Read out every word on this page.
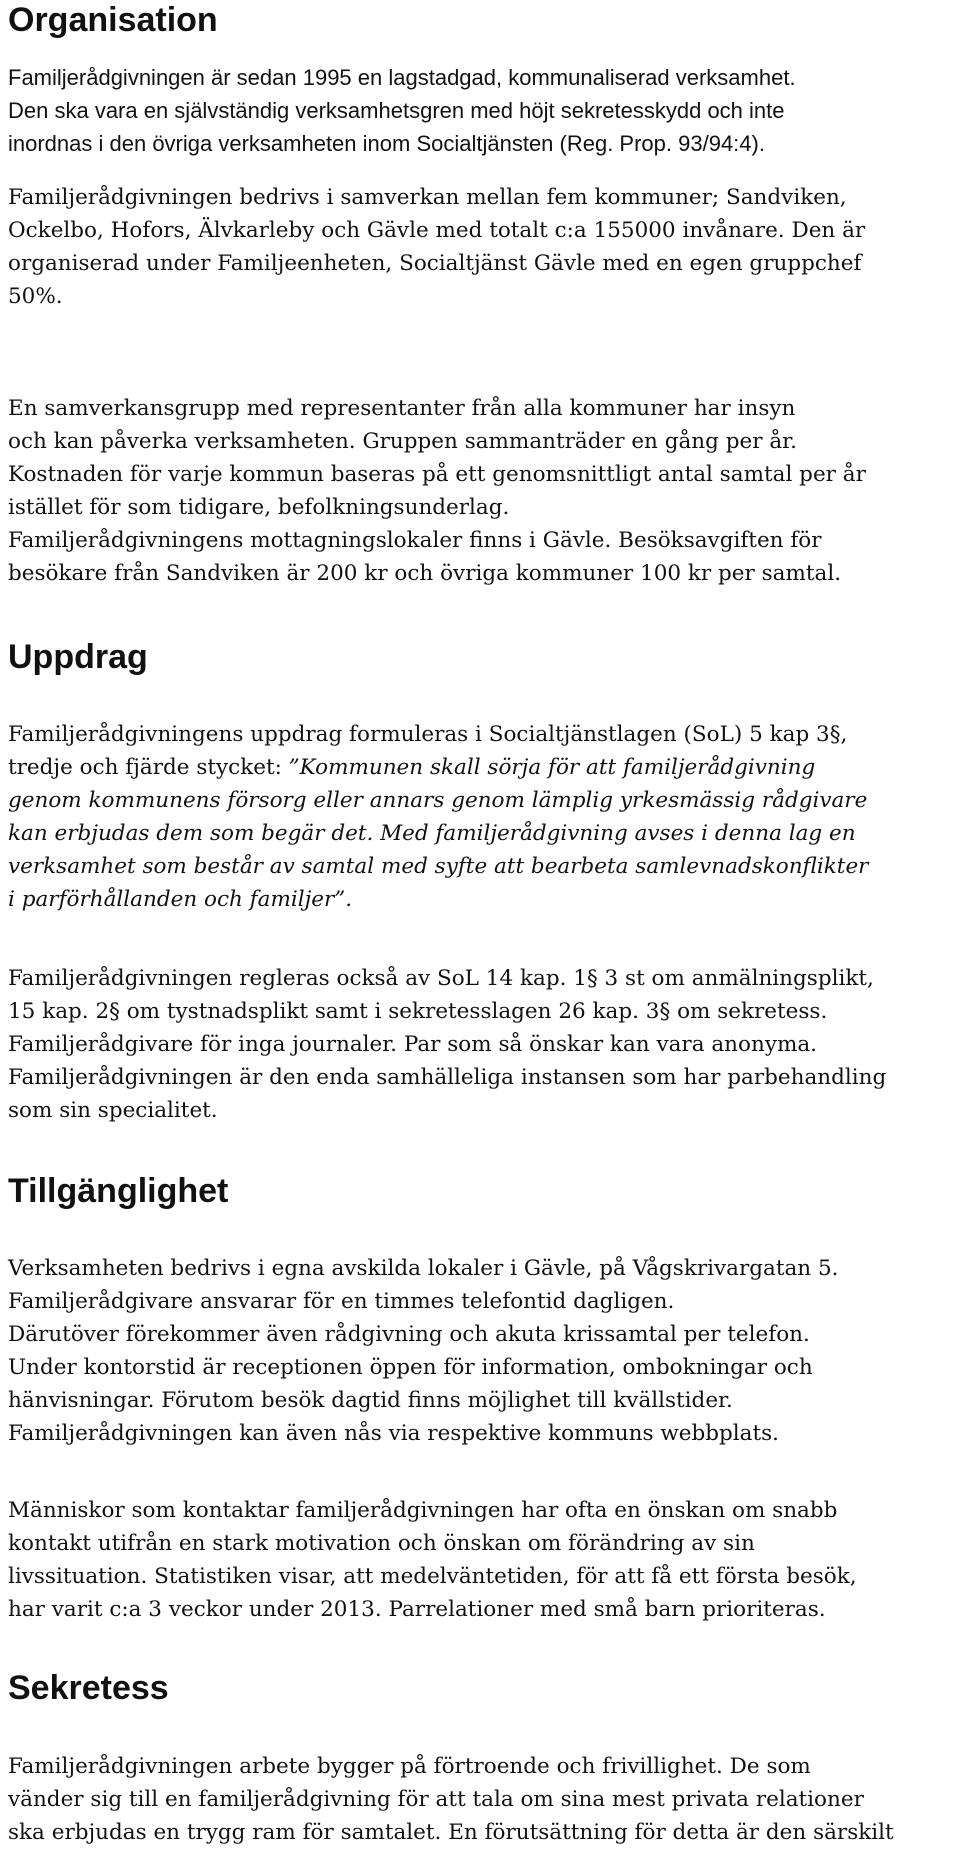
Organisation

Familjerådgivningen är sedan 1995 en lagstadgad, kommunaliserad verksamhet.
Den ska vara en självständig verksamhetsgren med höjt sekretesskydd och inte
inordnas i den övriga verksamheten inom Socialtjänsten (Reg. Prop. 93/94:4).

Familjerådgivningen bedrivs i samverkan mellan fem kommuner; Sandviken,
Ockelbo, Hofors, Älvkarleby och Gävle med totalt c:a 155000 invånare. Den är
organiserad under Familjeenheten, Socialtjänst Gävle med en egen gruppchef
50%.

En samverkansgrupp med representanter från alla kommuner har insyn
och kan påverka verksamheten. Gruppen sammanträder en gång per år.
Kostnaden för varje kommun baseras på ett genomsnittligt antal samtal per år
istället för som tidigare, befolkningsunderlag.
Familjerådgivningens mottagningslokaler finns i Gävle. Besöksavgiften för
besökare från Sandviken är 200 kr och övriga kommuner 100 kr per samtal.

Uppdrag

Familjerådgivningens uppdrag formuleras i Socialtjänstlagen (SoL) 5 kap 3§,
tredje och fjärde stycket: ”Kommunen skall sörja för att familjerådgivning
genom kommunens försorg eller annars genom lämplig yrkesmässig rådgivare
kan erbjudas dem som begär det. Med familjerådgivning avses i denna lag en
verksamhet som består av samtal med syfte att bearbeta samlevnadskonflikter
i parförhållanden och familjer”.

Familjerådgivningen regleras också av SoL 14 kap. 1§ 3 st om anmälningsplikt,
15 kap. 2§ om tystnadsplikt samt i sekretesslagen 26 kap. 3§ om sekretess.
Familjerådgivare för inga journaler. Par som så önskar kan vara anonyma.
Familjerådgivningen är den enda samhälleliga instansen som har parbehandling
som sin specialitet.

Tillgänglighet

Verksamheten bedrivs i egna avskilda lokaler i Gävle, på Vågskrivargatan 5.
Familjerådgivare ansvarar för en timmes telefontid dagligen.
Därutöver förekommer även rådgivning och akuta krissamtal per telefon.
Under kontorstid är receptionen öppen för information, ombokningar och
hänvisningar. Förutom besök dagtid finns möjlighet till kvällstider.
Familjerådgivningen kan även nås via respektive kommuns webbplats.

Människor som kontaktar familjerådgivningen har ofta en önskan om snabb
kontakt utifrån en stark motivation och önskan om förändring av sin
livssituation. Statistiken visar, att medelväntetiden, för att få ett första besök,
har varit c:a 3 veckor under 2013. Parrelationer med små barn prioriteras.

Sekretess

Familjerådgivningen arbete bygger på förtroende och frivillighet. De som
vänder sig till en familjerådgivning för att tala om sina mest privata relationer
ska erbjudas en trygg ram för samtalet. En förutsättning för detta är den särskilt
